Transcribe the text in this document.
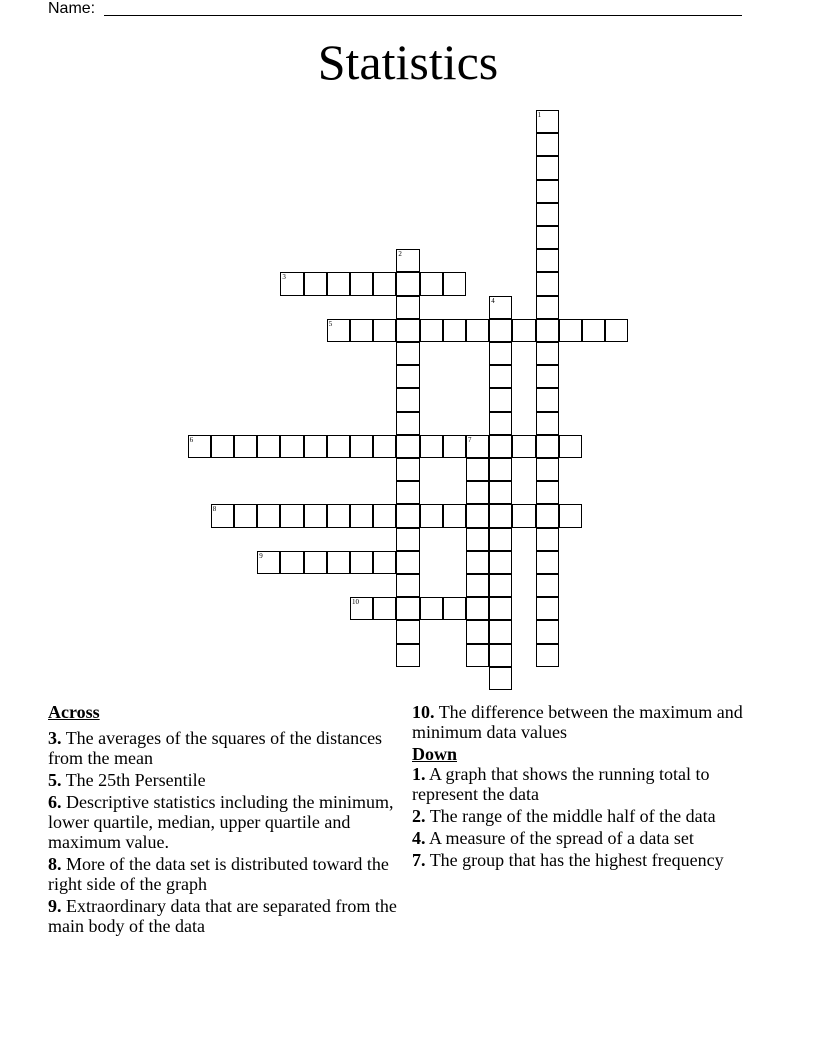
Name:
Statistics
1
2
3
4
5
6	7
8
9
10
Across
3. The averages of the squares of the distances from the mean
5. The 25th Persentile
6. Descriptive statistics including the minimum, lower quartile, median, upper quartile and maximum value.
8. More of the data set is distributed toward the right side of the graph
9. Extraordinary data that are separated from the main body of the data
10. The difference between the maximum and minimum data values
Down
1. A graph that shows the running total to represent the data
2. The range of the middle half of the data
4. A measure of the spread of a data set
7. The group that has the highest frequency
